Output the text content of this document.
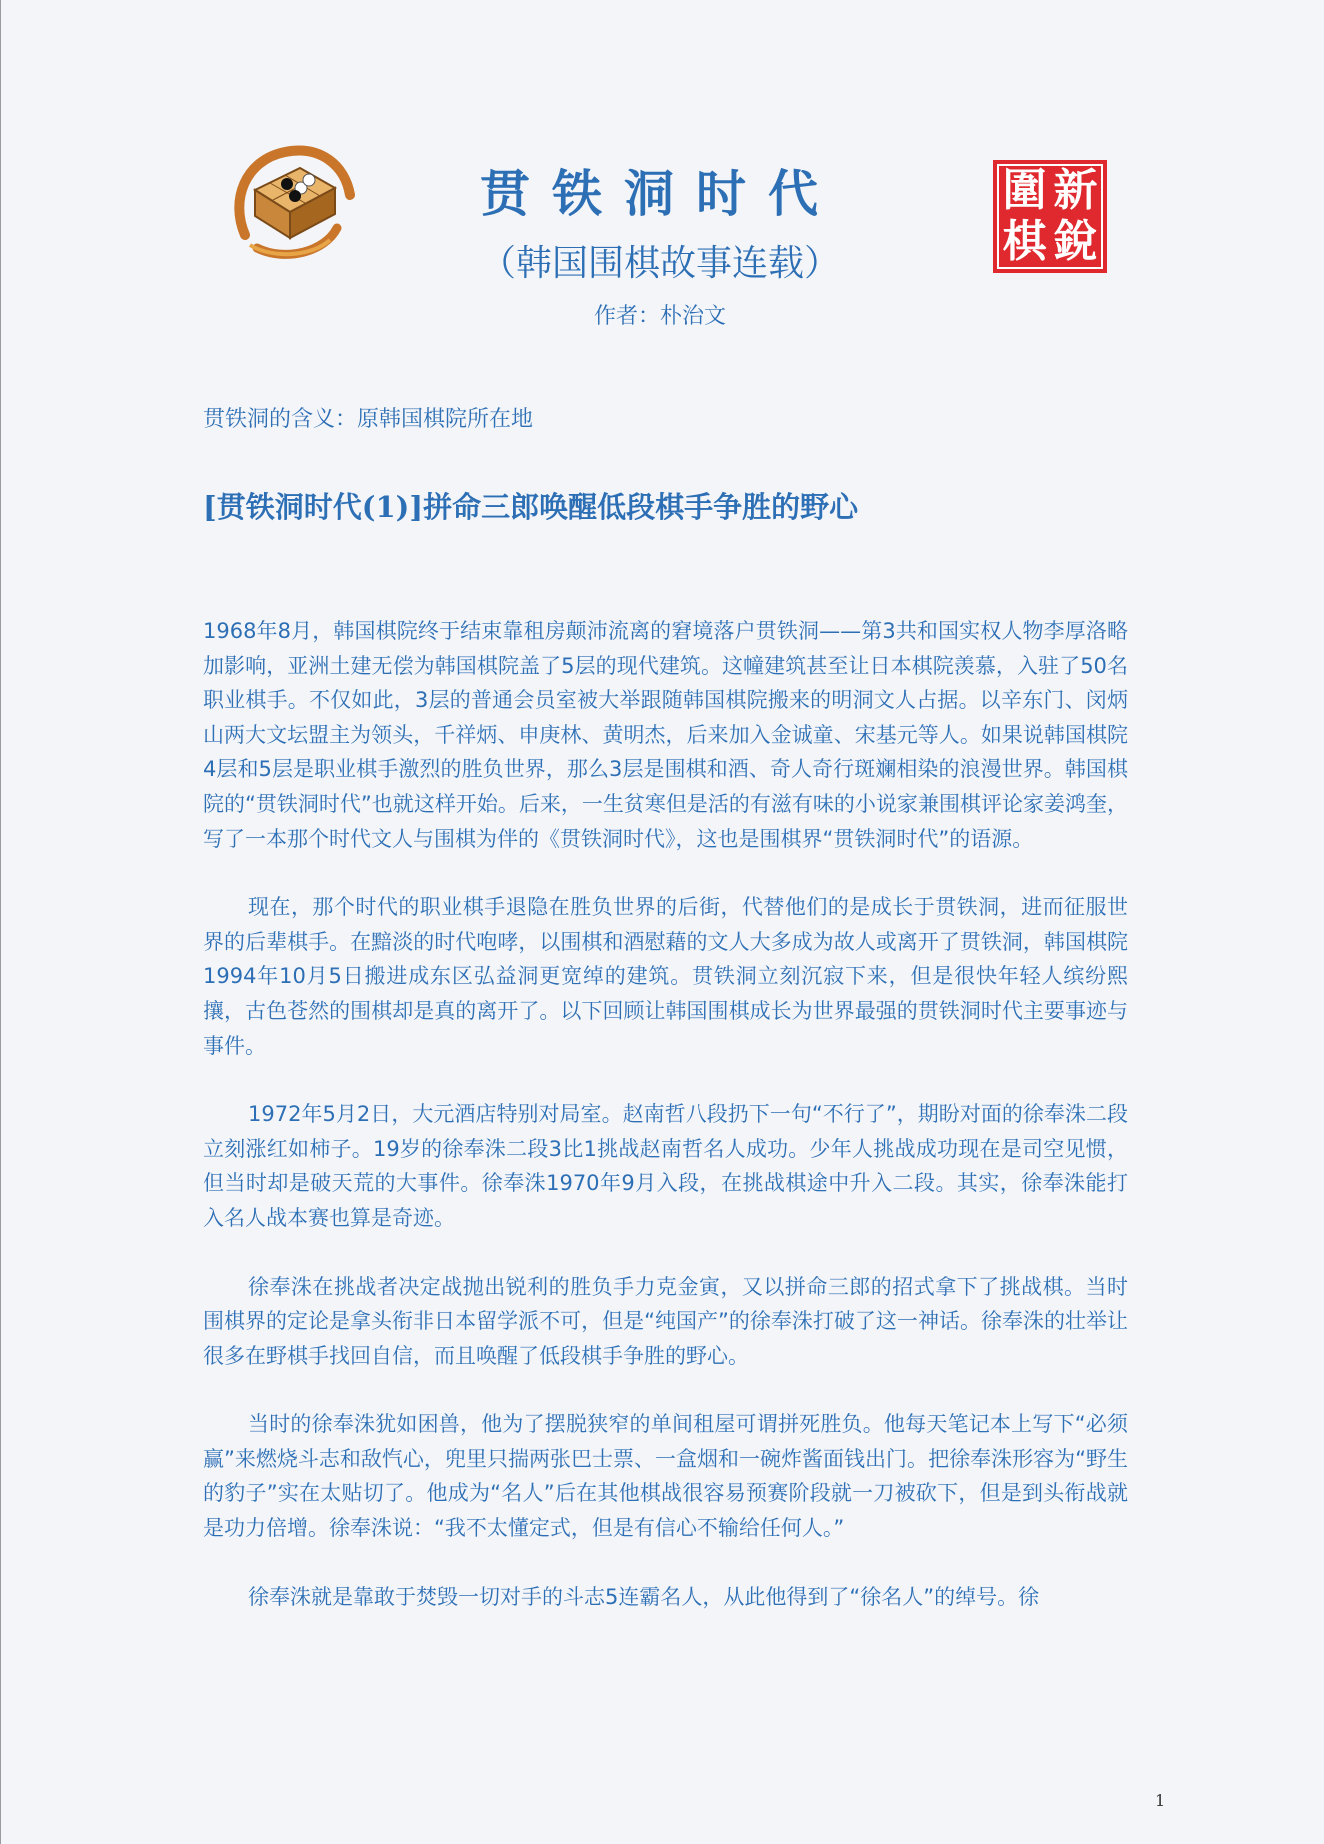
贯铁洞时代
（韩国围棋故事连载）
作者：朴治文
圍 新
棋 銳
贯铁洞的含义：原韩国棋院所在地
[贯铁洞时代(1)]拼命三郎唤醒低段棋手争胜的野心

1968年8月，韩国棋院终于结束靠租房颠沛流离的窘境落户贯铁洞——第3共和国实权人物李厚洛略加影响，亚洲土建无偿为韩国棋院盖了5层的现代建筑。这幢建筑甚至让日本棋院羡慕，入驻了50名职业棋手。不仅如此，3层的普通会员室被大举跟随韩国棋院搬来的明洞文人占据。以辛东门、闵炳山两大文坛盟主为领头，千祥炳、申庚林、黄明杰，后来加入金诚童、宋基元等人。如果说韩国棋院4层和5层是职业棋手激烈的胜负世界，那么3层是围棋和酒、奇人奇行斑斓相染的浪漫世界。韩国棋院的“贯铁洞时代”也就这样开始。后来，一生贫寒但是活的有滋有味的小说家兼围棋评论家姜鸿奎，写了一本那个时代文人与围棋为伴的《贯铁洞时代》，这也是围棋界“贯铁洞时代”的语源。

现在，那个时代的职业棋手退隐在胜负世界的后街，代替他们的是成长于贯铁洞，进而征服世界的后辈棋手。在黯淡的时代咆哮，以围棋和酒慰藉的文人大多成为故人或离开了贯铁洞，韩国棋院1994年10月5日搬进成东区弘益洞更宽绰的建筑。贯铁洞立刻沉寂下来，但是很快年轻人缤纷熙攘，古色苍然的围棋却是真的离开了。以下回顾让韩国围棋成长为世界最强的贯铁洞时代主要事迹与事件。

1972年5月2日，大元酒店特别对局室。赵南哲八段扔下一句“不行了”，期盼对面的徐奉洙二段立刻涨红如柿子。19岁的徐奉洙二段3比1挑战赵南哲名人成功。少年人挑战成功现在是司空见惯，但当时却是破天荒的大事件。徐奉洙1970年9月入段，在挑战棋途中升入二段。其实，徐奉洙能打入名人战本赛也算是奇迹。

徐奉洙在挑战者决定战抛出锐利的胜负手力克金寅，又以拼命三郎的招式拿下了挑战棋。当时围棋界的定论是拿头衔非日本留学派不可，但是“纯国产”的徐奉洙打破了这一神话。徐奉洙的壮举让很多在野棋手找回自信，而且唤醒了低段棋手争胜的野心。

当时的徐奉洙犹如困兽，他为了摆脱狭窄的单间租屋可谓拼死胜负。他每天笔记本上写下“必须赢”来燃烧斗志和敌忾心，兜里只揣两张巴士票、一盒烟和一碗炸酱面钱出门。把徐奉洙形容为“野生的豹子”实在太贴切了。他成为“名人”后在其他棋战很容易预赛阶段就一刀被砍下，但是到头衔战就是功力倍增。徐奉洙说：“我不太懂定式，但是有信心不输给任何人。”

徐奉洙就是靠敢于焚毁一切对手的斗志5连霸名人，从此他得到了“徐名人”的绰号。徐

1
